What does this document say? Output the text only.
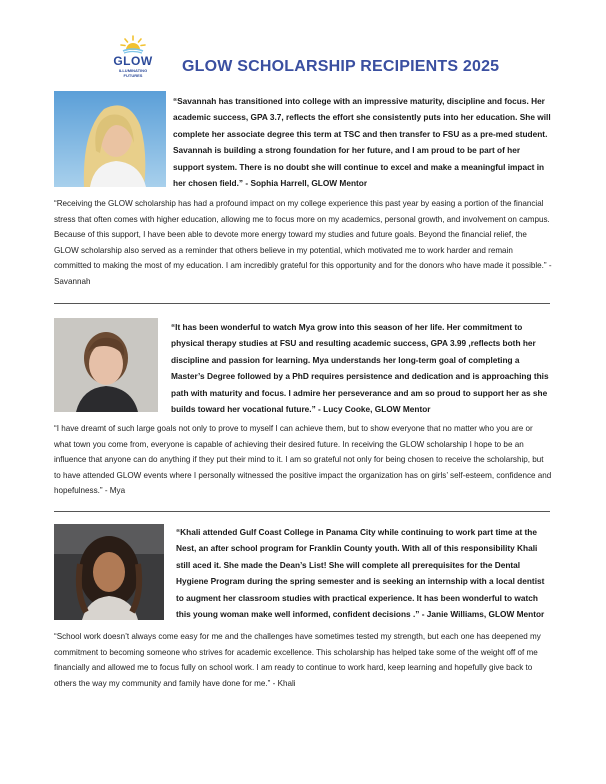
GLOW
ILLUMINATING
FUTURES
GLOW SCHOLARSHIP RECIPIENTS 2025
“Savannah has transitioned into college with an impressive maturity, discipline and focus. Her academic success, GPA 3.7, reflects the effort she consistently puts into her education. She will complete her associate degree this term at TSC and then transfer to FSU as a pre-med student. Savannah is building a strong foundation for her future, and I am proud to be part of her support system. There is no doubt she will continue to excel and make a meaningful impact in her chosen field.” - Sophia Harrell, GLOW Mentor
“Receiving the GLOW scholarship has had a profound impact on my college experience this past year by easing a portion of the financial stress that often comes with higher education, allowing me to focus more on my academics, personal growth, and involvement on campus. Because of this support, I have been able to devote more energy toward my studies and future goals. Beyond the financial relief, the GLOW scholarship also served as a reminder that others believe in my potential, which motivated me to work harder and remain committed to making the most of my education. I am incredibly grateful for this opportunity and for the donors who have made it possible.” - Savannah
“It has been wonderful to watch Mya grow into this season of her life. Her commitment to physical therapy studies at FSU and resulting academic success, GPA 3.99 ,reflects both her discipline and passion for learning. Mya understands her long-term goal of completing a Master’s Degree followed by a PhD requires persistence and dedication and is approaching this path with maturity and focus. I admire her perseverance and am so proud to support her as she builds toward her vocational future.” - Lucy Cooke, GLOW Mentor
“I have dreamt of such large goals not only to prove to myself I can achieve them, but to show everyone that no matter who you are or what town you come from, everyone is capable of achieving their desired future. In receiving the GLOW scholarship I hope to be an influence that anyone can do anything if they put their mind to it. I am so grateful not only for being chosen to receive the scholarship, but to have attended GLOW events where I personally witnessed the positive impact the organization has on girls’ self-esteem, confidence and hopefulness.” - Mya
“Khali attended Gulf Coast College in Panama City while continuing to work part time at the Nest, an after school program for Franklin County youth. With all of this responsibility Khali still aced it. She made the Dean’s List! She will complete all prerequisites for the Dental Hygiene Program during the spring semester and is seeking an internship with a local dentist to augment her classroom studies with practical experience. It has been wonderful to watch this young woman make well informed, confident decisions .” - Janie Williams, GLOW Mentor
“School work doesn’t always come easy for me and the challenges have sometimes tested my strength, but each one has deepened my commitment to becoming someone who strives for academic excellence. This scholarship has helped take some of the weight off of me financially and allowed me to focus fully on school work. I am ready to continue to work hard, keep learning and hopefully give back to others the way my community and family have done for me.” - Khali
